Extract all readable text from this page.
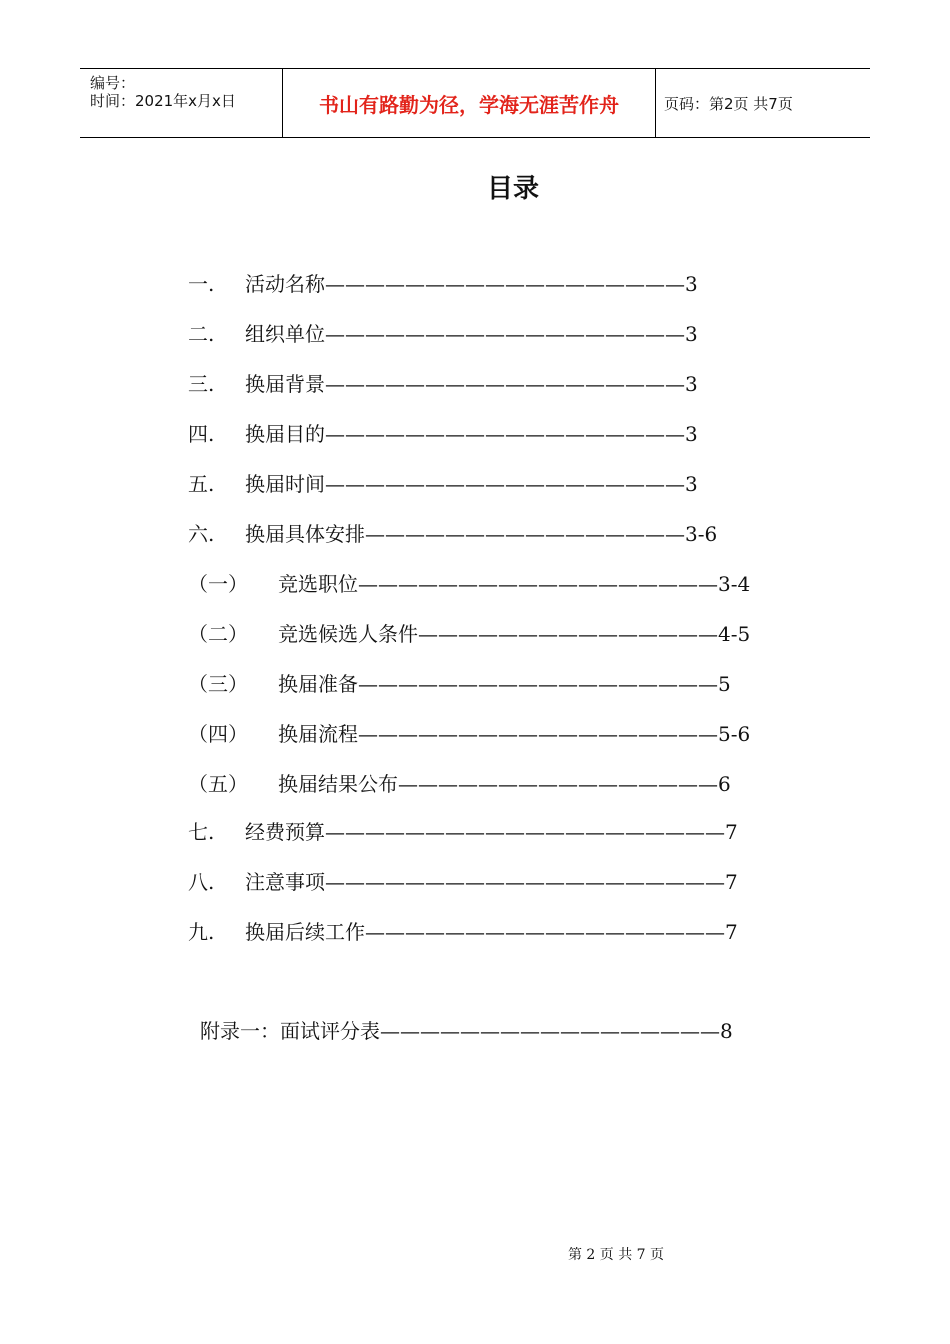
编号：
时间：2021年x月x日	书山有路勤为径，学海无涯苦作舟	页码：第2页 共7页
目录
一. 活动名称——————————————————3
二. 组织单位——————————————————3
三. 换届背景——————————————————3
四. 换届目的——————————————————3
五. 换届时间——————————————————3
六. 换届具体安排————————————————3-6
（一） 竞选职位——————————————————3-4
（二） 竞选候选人条件———————————————4-5
（三） 换届准备——————————————————5
（四） 换届流程——————————————————5-6
（五） 换届结果公布————————————————6
七. 经费预算————————————————————7
八. 注意事项————————————————————7
九. 换届后续工作——————————————————7
附录一：面试评分表—————————————————8
第 2 页 共 7 页
